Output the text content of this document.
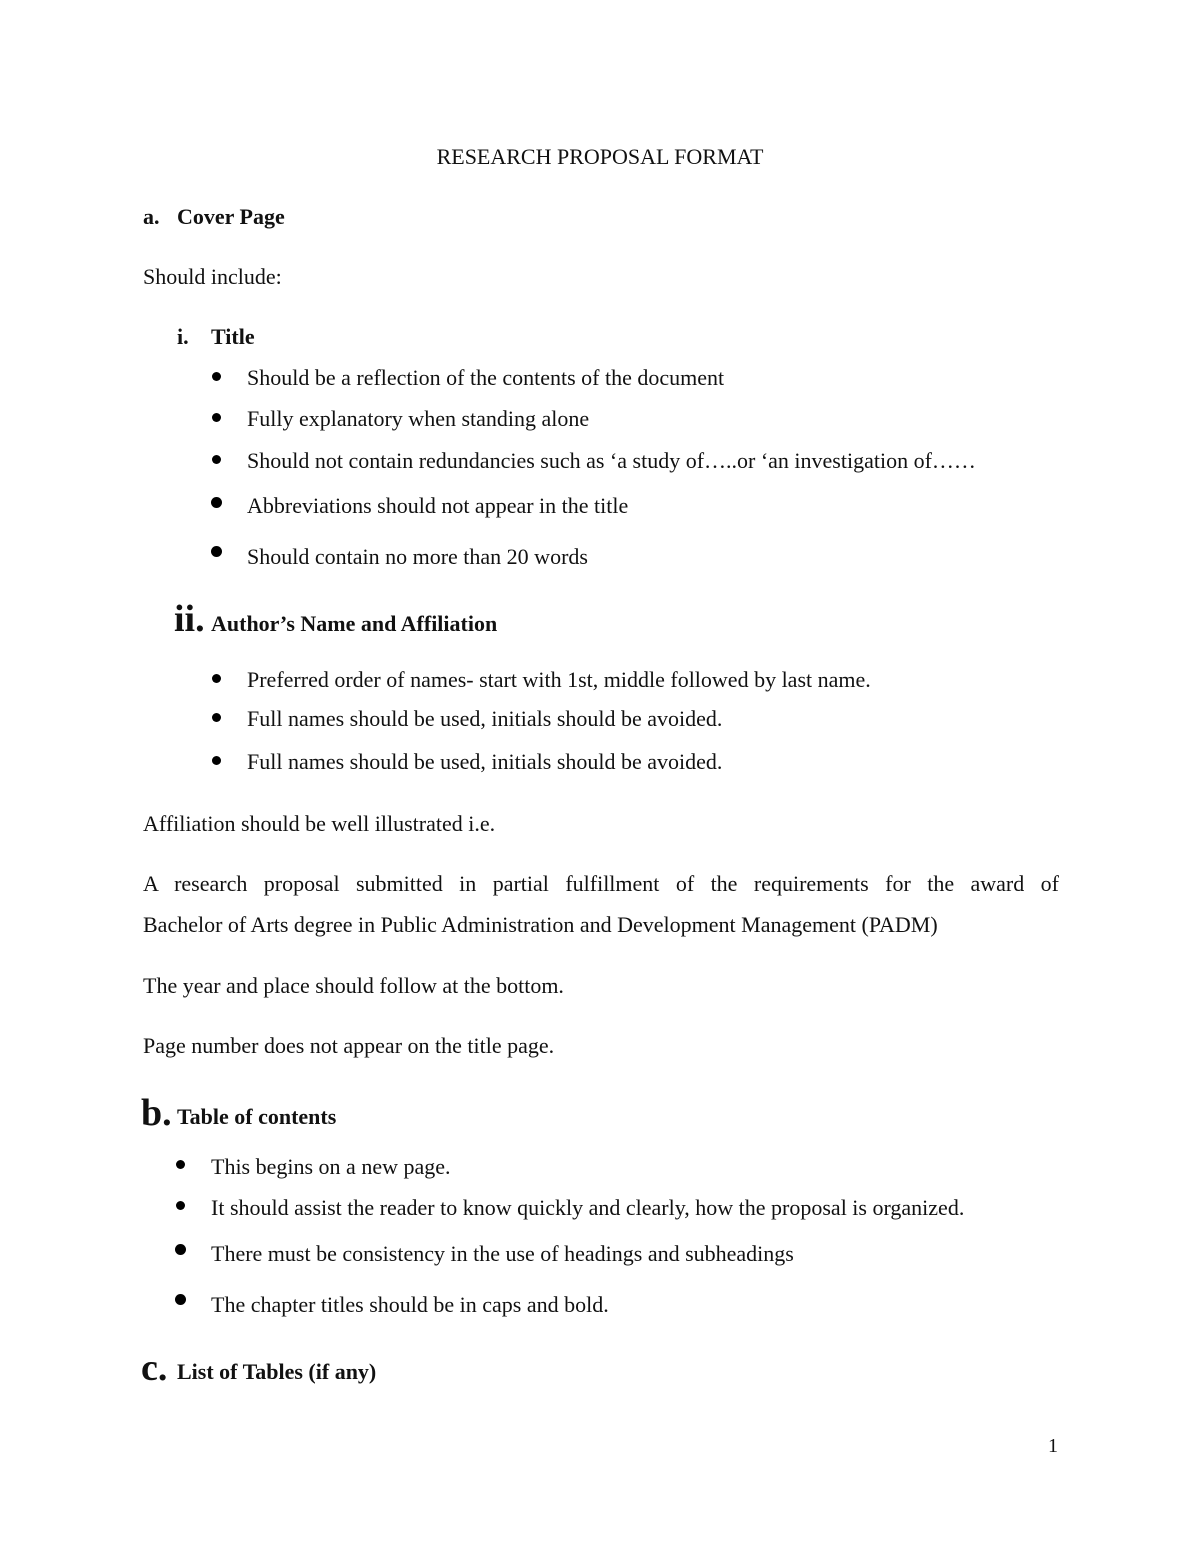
RESEARCH PROPOSAL FORMAT
a. Cover Page
Should include:
i. Title
Should be a reflection of the contents of the document
Fully explanatory when standing alone
Should not contain redundancies such as ‘a study of…..or ‘an investigation of……
Abbreviations should not appear in the title
Should contain no more than 20 words
ii. Author’s Name and Affiliation
Preferred order of names- start with 1st, middle followed by last name.
Full names should be used, initials should be avoided.
Full names should be used, initials should be avoided.
Affiliation should be well illustrated i.e.
A research proposal submitted in partial fulfillment of the requirements for the award of
Bachelor of Arts degree in Public Administration and Development Management (PADM)
The year and place should follow at the bottom.
Page number does not appear on the title page.
b. Table of contents
This begins on a new page.
It should assist the reader to know quickly and clearly, how the proposal is organized.
There must be consistency in the use of headings and subheadings
The chapter titles should be in caps and bold.
c. List of Tables (if any)
1
